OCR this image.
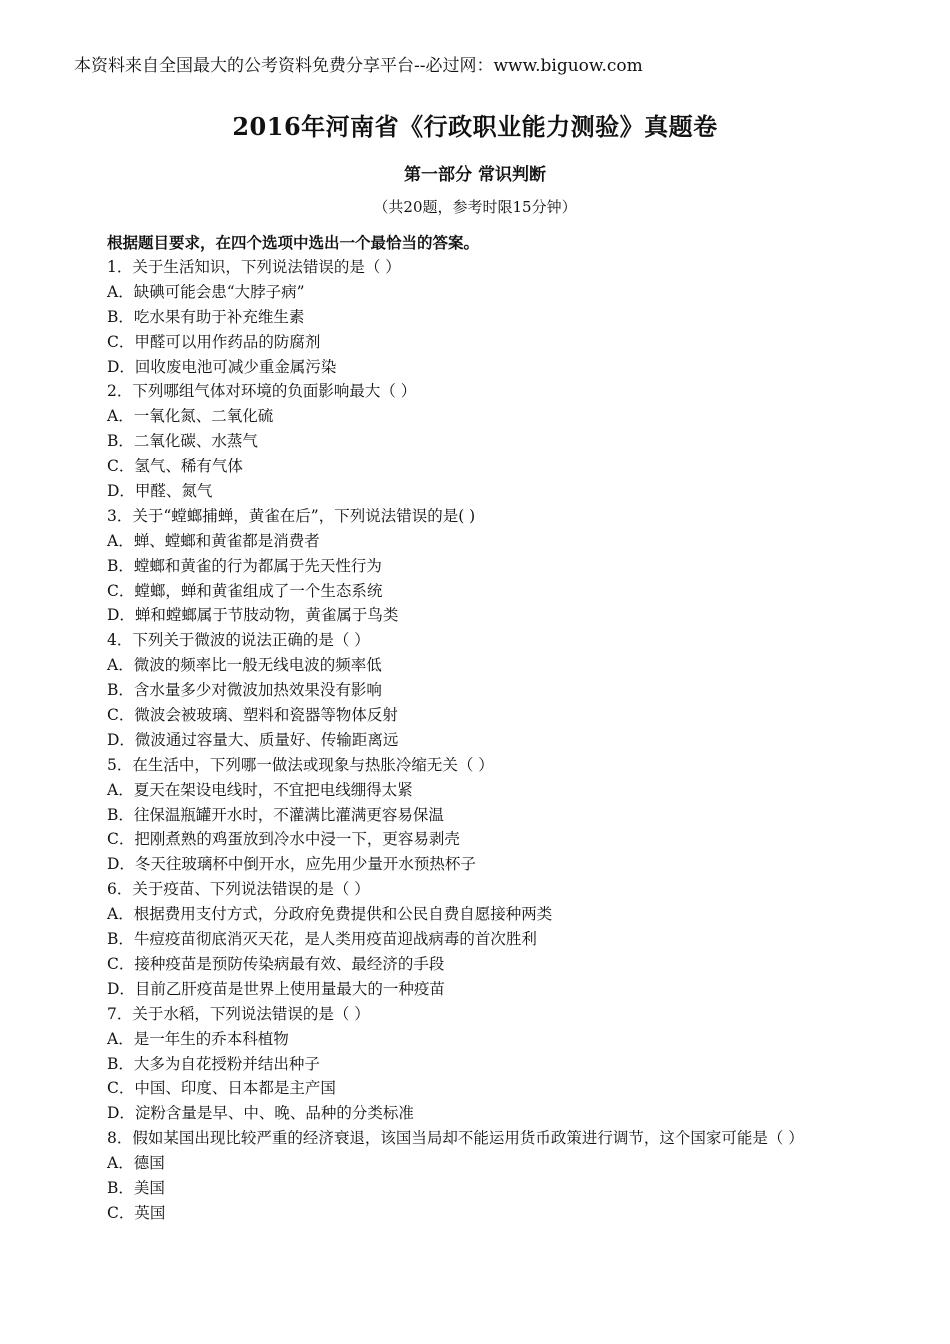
本资料来自全国最大的公考资料免费分享平台--必过网：www.biguow.com
2016年河南省《行政职业能力测验》真题卷
第一部分 常识判断
（共20题，参考时限15分钟）
根据题目要求，在四个选项中选出一个最恰当的答案。
1．关于生活知识，下列说法错误的是（ ）
A．缺碘可能会患“大脖子病”
B．吃水果有助于补充维生素
C．甲醛可以用作药品的防腐剂
D．回收废电池可减少重金属污染
2．下列哪组气体对环境的负面影响最大（ ）
A．一氧化氮、二氧化硫
B．二氧化碳、水蒸气
C．氢气、稀有气体
D．甲醛、氮气
3．关于“螳螂捕蝉，黄雀在后”，下列说法错误的是( )
A．蝉、螳螂和黄雀都是消费者
B．螳螂和黄雀的行为都属于先天性行为
C．螳螂，蝉和黄雀组成了一个生态系统
D．蝉和螳螂属于节肢动物，黄雀属于鸟类
4．下列关于微波的说法正确的是（ ）
A．微波的频率比一般无线电波的频率低
B．含水量多少对微波加热效果没有影响
C．微波会被玻璃、塑料和瓷器等物体反射
D．微波通过容量大、质量好、传输距离远
5．在生活中，下列哪一做法或现象与热胀冷缩无关（ ）
A．夏天在架设电线时，不宜把电线绷得太紧
B．往保温瓶罐开水时，不灌满比灌满更容易保温
C．把刚煮熟的鸡蛋放到冷水中浸一下，更容易剥壳
D．冬天往玻璃杯中倒开水，应先用少量开水预热杯子
6．关于疫苗、下列说法错误的是（ ）
A．根据费用支付方式，分政府免费提供和公民自费自愿接种两类
B．牛痘疫苗彻底消灭天花，是人类用疫苗迎战病毒的首次胜利
C．接种疫苗是预防传染病最有效、最经济的手段
D．目前乙肝疫苗是世界上使用量最大的一种疫苗
7．关于水稻，下列说法错误的是（ ）
A．是一年生的乔本科植物
B．大多为自花授粉并结出种子
C．中国、印度、日本都是主产国
D．淀粉含量是早、中、晚、品种的分类标准
8．假如某国出现比较严重的经济衰退，该国当局却不能运用货币政策进行调节，这个国家可能是（ ）
A．德国
B．美国
C．英国
